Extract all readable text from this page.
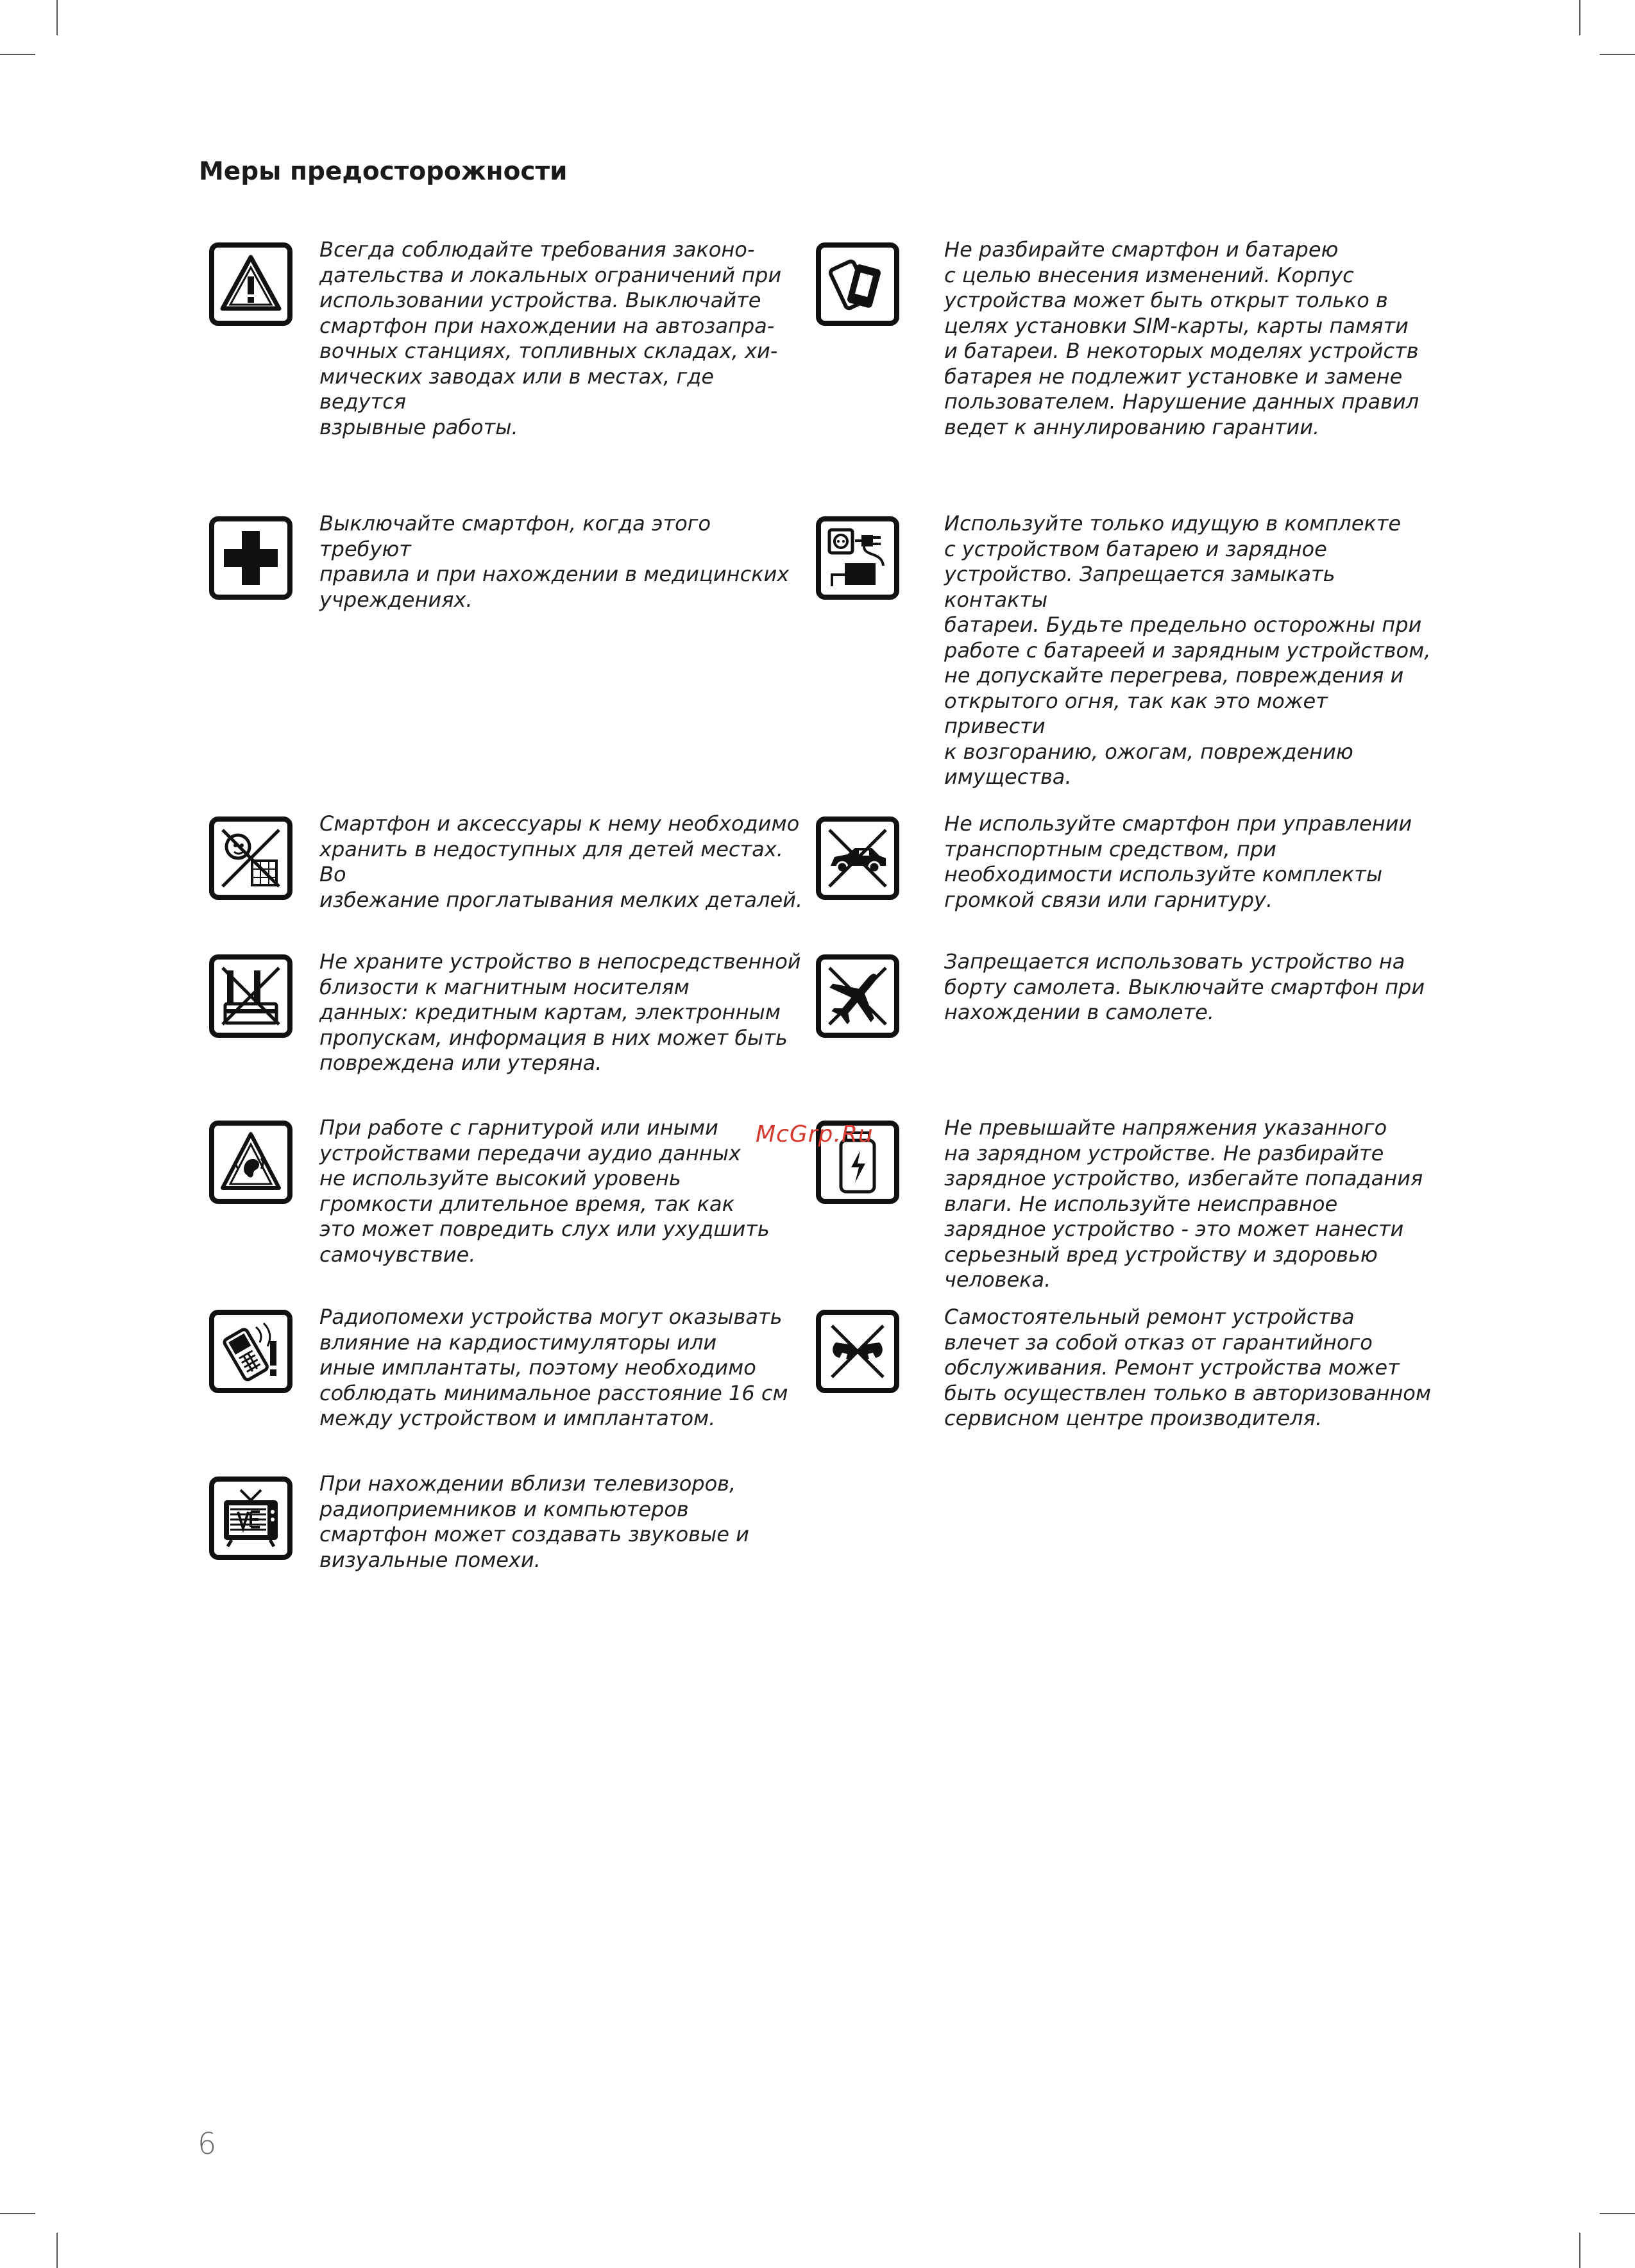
Меры предосторожности

Всегда соблюдайте требования законо-
дательства и локальных ограничений при
использовании устройства. Выключайте
смартфон при нахождении на автозапра-
вочных станциях, топливных складах, хи-
мических заводах или в местах, где ведутся
взрывные работы.

Не разбирайте смартфон и батарею
с целью внесения изменений. Корпус
устройства может быть открыт только в
целях установки SIM-карты, карты памяти
и батареи. В некоторых моделях устройств
батарея не подлежит установке и замене
пользователем. Нарушение данных правил
ведет к аннулированию гарантии.

Выключайте смартфон, когда этого требуют
правила и при нахождении в медицинских
учреждениях.

Используйте только идущую в комплекте
с устройством батарею и зарядное
устройство. Запрещается замыкать контакты
батареи. Будьте предельно осторожны при
работе с батареей и зарядным устройством,
не допускайте перегрева, повреждения и
открытого огня, так как это может привести
к возгоранию, ожогам, повреждению
имущества.

Смартфон и аксессуары к нему необходимо
хранить в недоступных для детей местах. Во
избежание проглатывания мелких деталей.

Не используйте смартфон при управлении
транспортным средством, при
необходимости используйте комплекты
громкой связи или гарнитуру.

Не храните устройство в непосредственной
близости к магнитным носителям
данных: кредитным картам, электронным
пропускам, информация в них может быть
повреждена или утеряна.

Запрещается использовать устройство на
борту самолета. Выключайте смартфон при
нахождении в самолете.

При работе с гарнитурой или иными
устройствами передачи аудио данных
не используйте высокий уровень
громкости длительное время, так как
это может повредить слух или ухудшить
самочувствие.

Не превышайте напряжения указанного
на зарядном устройстве. Не разбирайте
зарядное устройство, избегайте попадания
влаги. Не используйте неисправное
зарядное устройство - это может нанести
серьезный вред устройству и здоровью
человека.

Радиопомехи устройства могут оказывать
влияние на кардиостимуляторы или
иные имплантаты, поэтому необходимо
соблюдать минимальное расстояние 16 см
между устройством и имплантатом.

Самостоятельный ремонт устройства
влечет за собой отказ от гарантийного
обслуживания. Ремонт устройства может
быть осуществлен только в авторизованном
сервисном центре производителя.

При нахождении вблизи телевизоров,
радиоприемников и компьютеров
смартфон может создавать звуковые и
визуальные помехи.

McGrp.Ru
6
